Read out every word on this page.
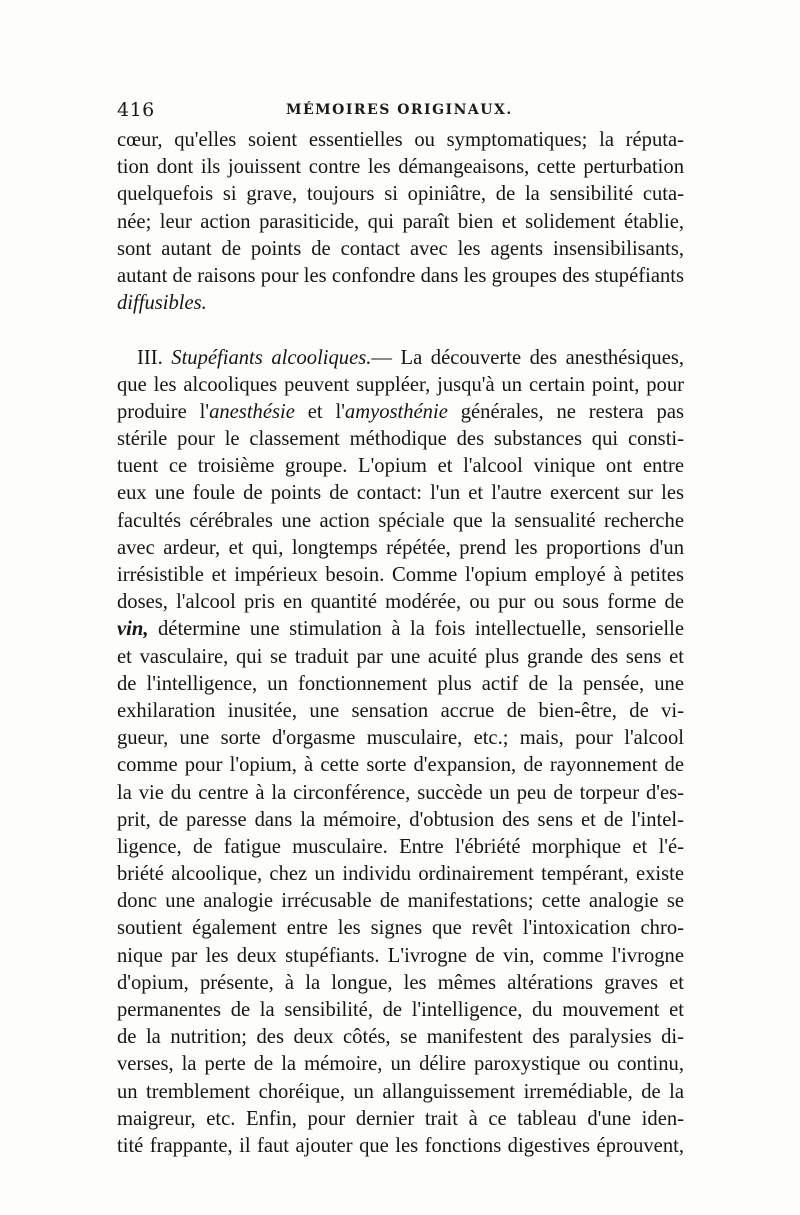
416	MÉMOIRES ORIGINAUX.
cœur, qu'elles soient essentielles ou symptomatiques; la réputa-
tion dont ils jouissent contre les démangeaisons, cette perturbation
quelquefois si grave, toujours si opiniâtre, de la sensibilité cuta-
née; leur action parasiticide, qui paraît bien et solidement établie,
sont autant de points de contact avec les agents insensibilisants,
autant de raisons pour les confondre dans les groupes des stupéfiants
diffusibles.
III. Stupéfiants alcooliques.— La découverte des anesthésiques,
que les alcooliques peuvent suppléer, jusqu'à un certain point, pour
produire l'anesthésie et l'amyosthénie générales, ne restera pas
stérile pour le classement méthodique des substances qui consti-
tuent ce troisième groupe. L'opium et l'alcool vinique ont entre
eux une foule de points de contact: l'un et l'autre exercent sur les
facultés cérébrales une action spéciale que la sensualité recherche
avec ardeur, et qui, longtemps répétée, prend les proportions d'un
irrésistible et impérieux besoin. Comme l'opium employé à petites
doses, l'alcool pris en quantité modérée, ou pur ou sous forme de
vin, détermine une stimulation à la fois intellectuelle, sensorielle
et vasculaire, qui se traduit par une acuité plus grande des sens et
de l'intelligence, un fonctionnement plus actif de la pensée, une
exhilaration inusitée, une sensation accrue de bien-être, de vi-
gueur, une sorte d'orgasme musculaire, etc.; mais, pour l'alcool
comme pour l'opium, à cette sorte d'expansion, de rayonnement de
la vie du centre à la circonférence, succède un peu de torpeur d'es-
prit, de paresse dans la mémoire, d'obtusion des sens et de l'intel-
ligence, de fatigue musculaire. Entre l'ébriété morphique et l'é-
briété alcoolique, chez un individu ordinairement tempérant, existe
donc une analogie irrécusable de manifestations; cette analogie se
soutient également entre les signes que revêt l'intoxication chro-
nique par les deux stupéfiants. L'ivrogne de vin, comme l'ivrogne
d'opium, présente, à la longue, les mêmes altérations graves et
permanentes de la sensibilité, de l'intelligence, du mouvement et
de la nutrition; des deux côtés, se manifestent des paralysies di-
verses, la perte de la mémoire, un délire paroxystique ou continu,
un tremblement choréique, un allanguissement irremédiable, de la
maigreur, etc. Enfin, pour dernier trait à ce tableau d'une iden-
tité frappante, il faut ajouter que les fonctions digestives éprouvent,
